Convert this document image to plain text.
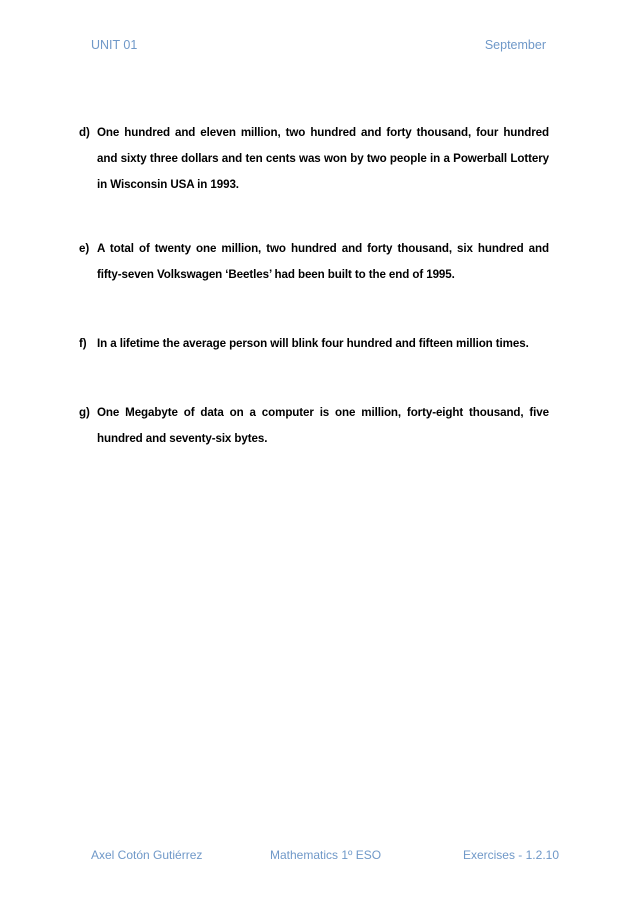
UNIT 01	September
d) One hundred and eleven million, two hundred and forty thousand, four hundred and sixty three dollars and ten cents was won by two people in a Powerball Lottery in Wisconsin USA in 1993.
e) A total of twenty one million, two hundred and forty thousand, six hundred and fifty-seven Volkswagen ‘Beetles’ had been built to the end of 1995.
f) In a lifetime the average person will blink four hundred and fifteen million times.
g) One Megabyte of data on a computer is one million, forty-eight thousand, five hundred and seventy-six bytes.
Axel Cotón Gutiérrez	Mathematics 1º ESO	Exercises - 1.2.10
